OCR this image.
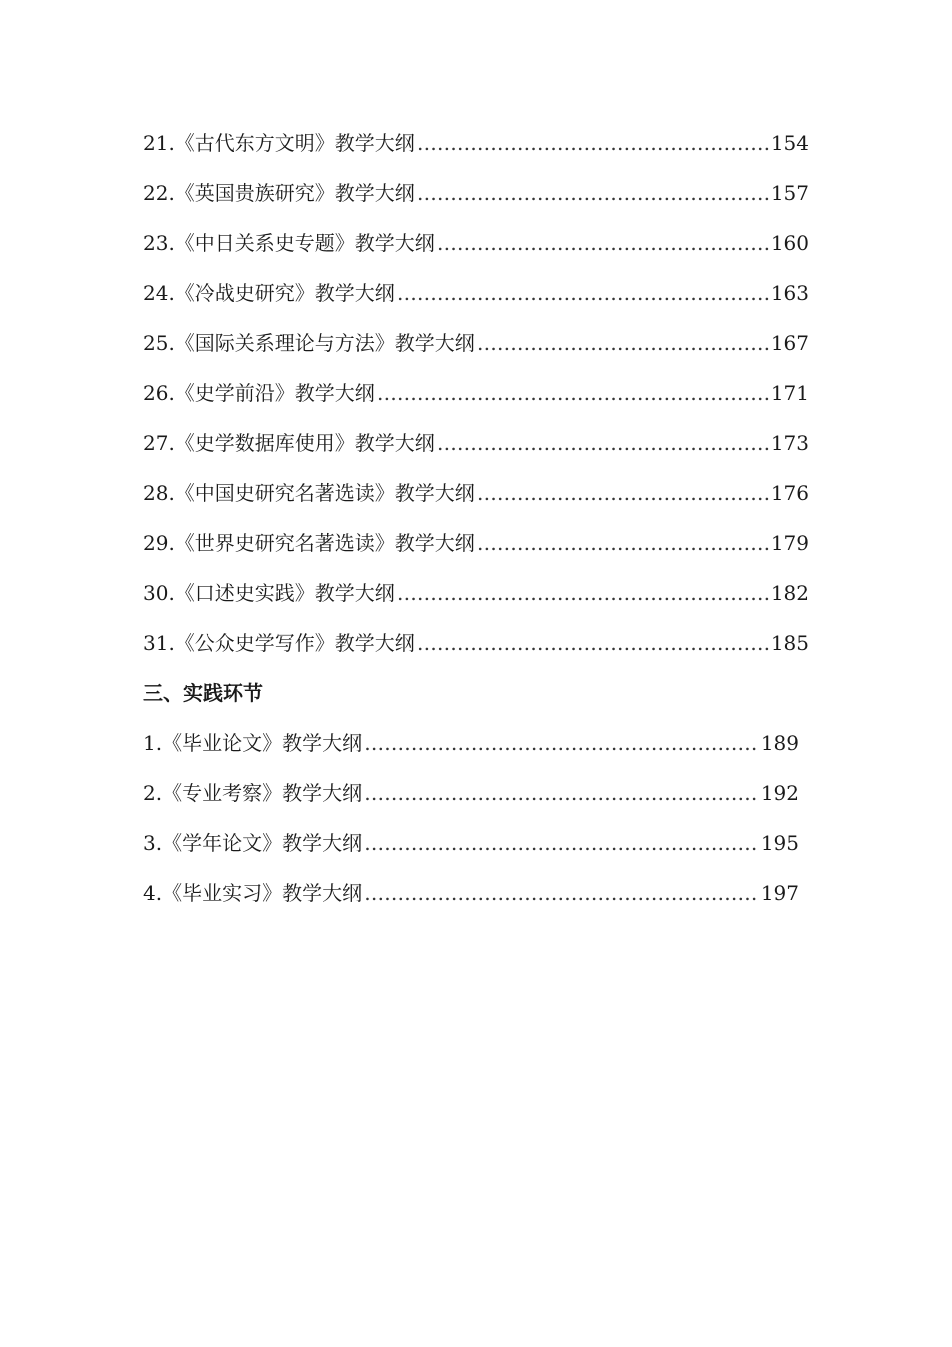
21.《古代东方文明》教学大纲 ……………………………………………………………………………………………………………………	154
22.《英国贵族研究》教学大纲 ……………………………………………………………………………………………………………………	157
23.《中日关系史专题》教学大纲 ……………………………………………………………………………………………………………………	160
24.《冷战史研究》教学大纲 ……………………………………………………………………………………………………………………	163
25.《国际关系理论与方法》教学大纲 ……………………………………………………………………………………………………………………	167
26.《史学前沿》教学大纲 ……………………………………………………………………………………………………………………	171
27.《史学数据库使用》教学大纲 ……………………………………………………………………………………………………………………	173
28.《中国史研究名著选读》教学大纲 ……………………………………………………………………………………………………………………	176
29.《世界史研究名著选读》教学大纲 ……………………………………………………………………………………………………………………	179
30.《口述史实践》教学大纲 ……………………………………………………………………………………………………………………	182
31.《公众史学写作》教学大纲 ……………………………………………………………………………………………………………………	185
三、实践环节
1.《毕业论文》教学大纲 ……………………………………………………………………………………………………………………	189
2.《专业考察》教学大纲 ……………………………………………………………………………………………………………………	192
3.《学年论文》教学大纲 ……………………………………………………………………………………………………………………	195
4.《毕业实习》教学大纲 ……………………………………………………………………………………………………………………	197
